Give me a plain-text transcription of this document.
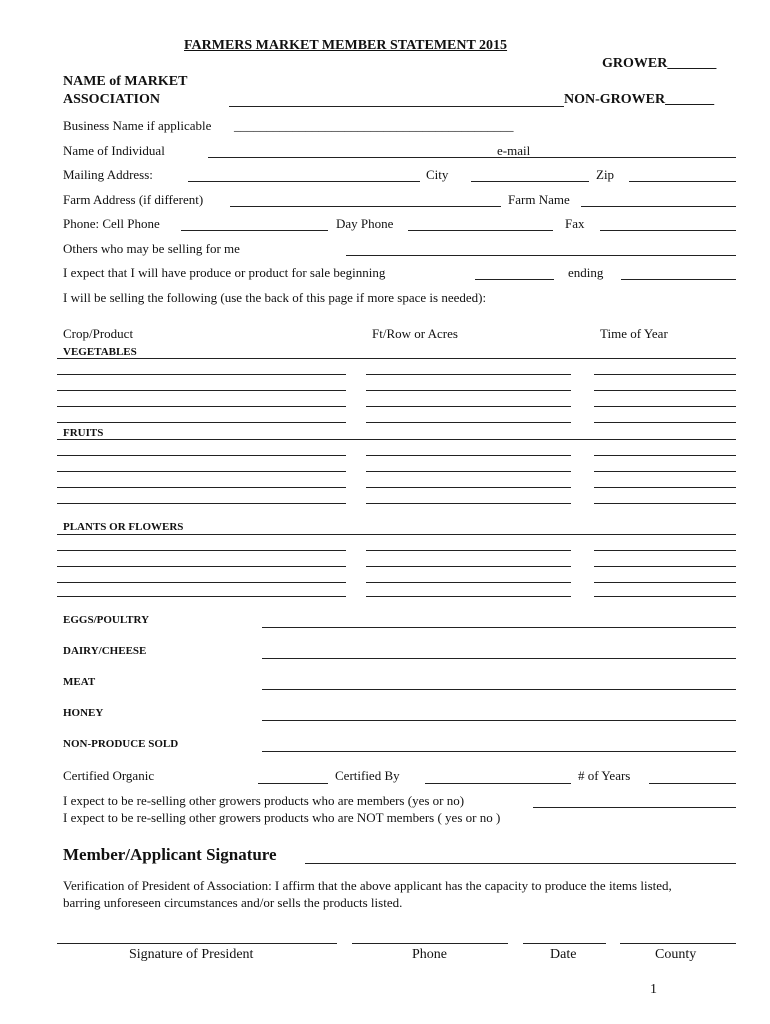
FARMERS MARKET MEMBER STATEMENT 2015
GROWER_______
NAME of MARKET
ASSOCIATION	NON-GROWER_______
Business Name if applicable ___________________________________________
Name of Individual	e-mail
Mailing Address:	City	Zip
Farm Address (if different)	Farm Name
Phone: Cell Phone	Day Phone	Fax
Others who may be selling for me
I expect that I will have produce or product for sale beginning	ending
I will be selling the following (use the back of this page if more space is needed):
Crop/Product	Ft/Row or Acres	Time of Year
VEGETABLES
FRUITS
PLANTS OR FLOWERS
EGGS/POULTRY
DAIRY/CHEESE
MEAT
HONEY
NON-PRODUCE SOLD
Certified Organic	Certified By	# of Years
I expect to be re-selling other growers products who are members (yes or no)
I expect to be re-selling other growers products who are NOT members ( yes or no )
Member/Applicant Signature
Verification of President of Association: I affirm that the above applicant has the capacity to produce the items listed,
barring unforeseen circumstances and/or sells the products listed.
Signature of President	Phone	Date	County
1
